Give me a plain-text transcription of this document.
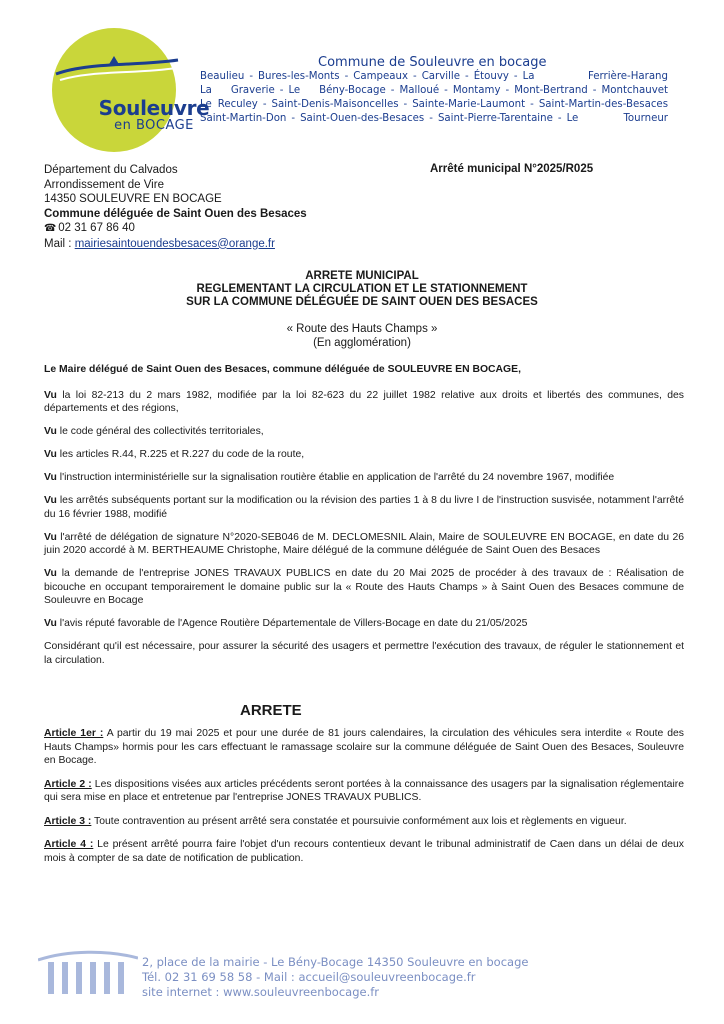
Souleuvre
en BOCAGE
Commune de Souleuvre en bocage
Beaulieu - Bures-les-Monts - Campeaux - Carville - Étouvy - La Ferrière-Harang
La Graverie - Le Bény-Bocage - Malloué - Montamy - Mont-Bertrand - Montchauvet
Le Reculey - Saint-Denis-Maisoncelles - Sainte-Marie-Laumont - Saint-Martin-des-Besaces
Saint-Martin-Don - Saint-Ouen-des-Besaces - Saint-Pierre-Tarentaine - Le Tourneur
Département du Calvados
Arrondissement de Vire
14350 SOULEUVRE EN BOCAGE
Commune déléguée de Saint Ouen des Besaces
☎ 02 31 67 86 40
Mail : mairiesaintouendesbesaces@orange.fr
Arrêté municipal N°2025/R025
ARRETE MUNICIPAL
REGLEMENTANT LA CIRCULATION ET LE STATIONNEMENT
SUR LA COMMUNE DÉLÉGUÉE DE SAINT OUEN DES BESACES
« Route des Hauts Champs »
(En agglomération)

Le Maire délégué de Saint Ouen des Besaces, commune déléguée de SOULEUVRE EN BOCAGE,

Vu la loi 82-213 du 2 mars 1982, modifiée par la loi 82-623 du 22 juillet 1982 relative aux droits et libertés des communes, des départements et des régions,

Vu le code général des collectivités territoriales,

Vu les articles R.44, R.225 et R.227 du code de la route,

Vu l'instruction interministérielle sur la signalisation routière établie en application de l'arrêté du 24 novembre 1967, modifiée

Vu les arrêtés subséquents portant sur la modification ou la révision des parties 1 à 8 du livre I de l'instruction susvisée, notamment l'arrêté du 16 février 1988, modifié

Vu l'arrêté de délégation de signature N°2020-SEB046 de M. DECLOMESNIL Alain, Maire de SOULEUVRE EN BOCAGE, en date du 26 juin 2020 accordé à M. BERTHEAUME Christophe, Maire délégué de la commune déléguée de Saint Ouen des Besaces

Vu la demande de l'entreprise JONES TRAVAUX PUBLICS en date du 20 Mai 2025 de procéder à des travaux de : Réalisation de bicouche en occupant temporairement le domaine public sur la « Route des Hauts Champs » à Saint Ouen des Besaces commune de Souleuvre en Bocage

Vu l'avis réputé favorable de l'Agence Routière Départementale de Villers-Bocage en date du 21/05/2025

Considérant qu'il est nécessaire, pour assurer la sécurité des usagers et permettre l'exécution des travaux, de réguler le stationnement et la circulation.

ARRETE

Article 1er : A partir du 19 mai 2025 et pour une durée de 81 jours calendaires, la circulation des véhicules sera interdite « Route des Hauts Champs» hormis pour les cars effectuant le ramassage scolaire sur la commune déléguée de Saint Ouen des Besaces, Souleuvre en Bocage.

Article 2 : Les dispositions visées aux articles précédents seront portées à la connaissance des usagers par la signalisation réglementaire qui sera mise en place et entretenue par l'entreprise JONES TRAVAUX PUBLICS.

Article 3 : Toute contravention au présent arrêté sera constatée et poursuivie conformément aux lois et règlements en vigueur.

Article 4 : Le présent arrêté pourra faire l'objet d'un recours contentieux devant le tribunal administratif de Caen dans un délai de deux mois à compter de sa date de notification de publication.

2, place de la mairie - Le Bény-Bocage 14350 Souleuvre en bocage
Tél. 02 31 69 58 58 - Mail : accueil@souleuvreenbocage.fr
site internet : www.souleuvreenbocage.fr
